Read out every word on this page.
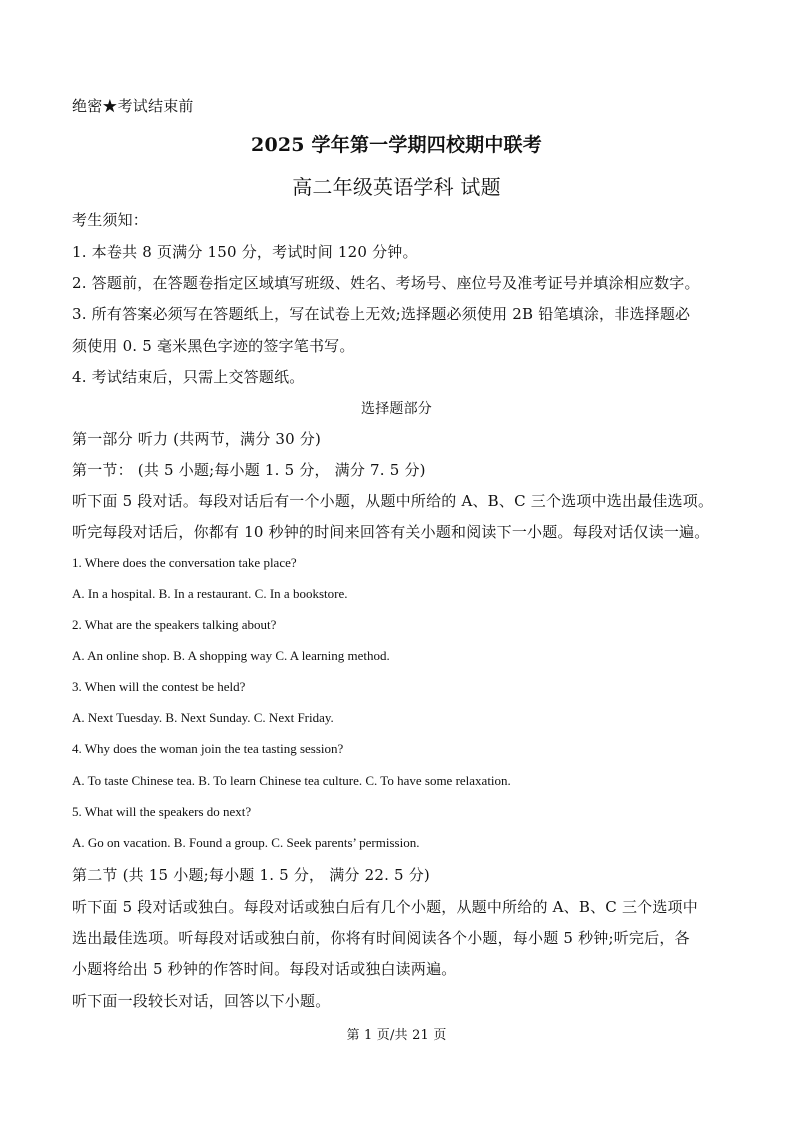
绝密★考试结束前
2025 学年第一学期四校期中联考
高二年级英语学科 试题
考生须知：
1. 本卷共 8 页满分 150 分，考试时间 120 分钟。
2. 答题前，在答题卷指定区域填写班级、姓名、考场号、座位号及准考证号并填涂相应数字。
3. 所有答案必须写在答题纸上，写在试卷上无效;选择题必须使用 2B 铅笔填涂，非选择题必
须使用 0. 5 毫米黑色字迹的签字笔书写。
4. 考试结束后，只需上交答题纸。
选择题部分
第一部分 听力 (共两节，满分 30 分)
第一节： (共 5 小题;每小题 1. 5 分， 满分 7. 5 分)
听下面 5 段对话。每段对话后有一个小题，从题中所给的 A、B、C 三个选项中选出最佳选项。
听完每段对话后，你都有 10 秒钟的时间来回答有关小题和阅读下一小题。每段对话仅读一遍。
1. Where does the conversation take place?
A. In a hospital. B. In a restaurant. C. In a bookstore.
2. What are the speakers talking about?
A. An online shop. B. A shopping way C. A learning method.
3. When will the contest be held?
A. Next Tuesday. B. Next Sunday. C. Next Friday.
4. Why does the woman join the tea tasting session?
A. To taste Chinese tea. B. To learn Chinese tea culture. C. To have some relaxation.
5. What will the speakers do next?
A. Go on vacation. B. Found a group. C. Seek parents’ permission.
第二节 (共 15 小题;每小题 1. 5 分， 满分 22. 5 分)
听下面 5 段对话或独白。每段对话或独白后有几个小题，从题中所给的 A、B、C 三个选项中
选出最佳选项。听每段对话或独白前，你将有时间阅读各个小题，每小题 5 秒钟;听完后，各
小题将给出 5 秒钟的作答时间。每段对话或独白读两遍。
听下面一段较长对话，回答以下小题。
第 1 页/共 21 页
